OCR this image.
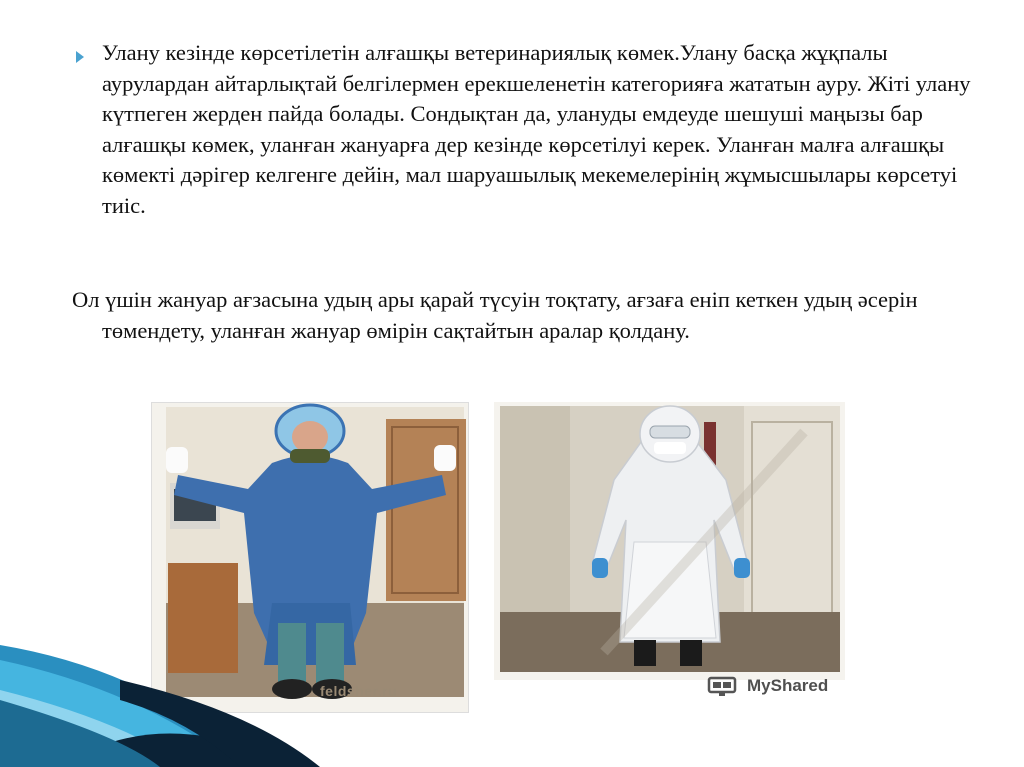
Улану кезінде көрсетілетін алғашқы ветеринариялық көмек.Улану басқа жұқпалы аурулардан айтарлықтай белгілермен ерекшеленетін категорияға жататын ауру. Жіті улану күтпеген жерден пайда болады. Сондықтан да, улануды емдеуде шешуші маңызы бар алғашқы көмек, уланған жануарға дер кезінде көрсетілуі керек. Уланған малға алғашқы көмекті дәрігер келгенге дейін, мал шаруашылық мекемелерінің жұмысшылары көрсетуі тиіс.

Ол үшін жануар ағзасына удың ары қарай түсуін тоқтату, ағзаға еніп кеткен удың әсерін төмендету, уланған жануар өмірін сақтайтын аралар қолдану.

feldsher.ru	MyShared
